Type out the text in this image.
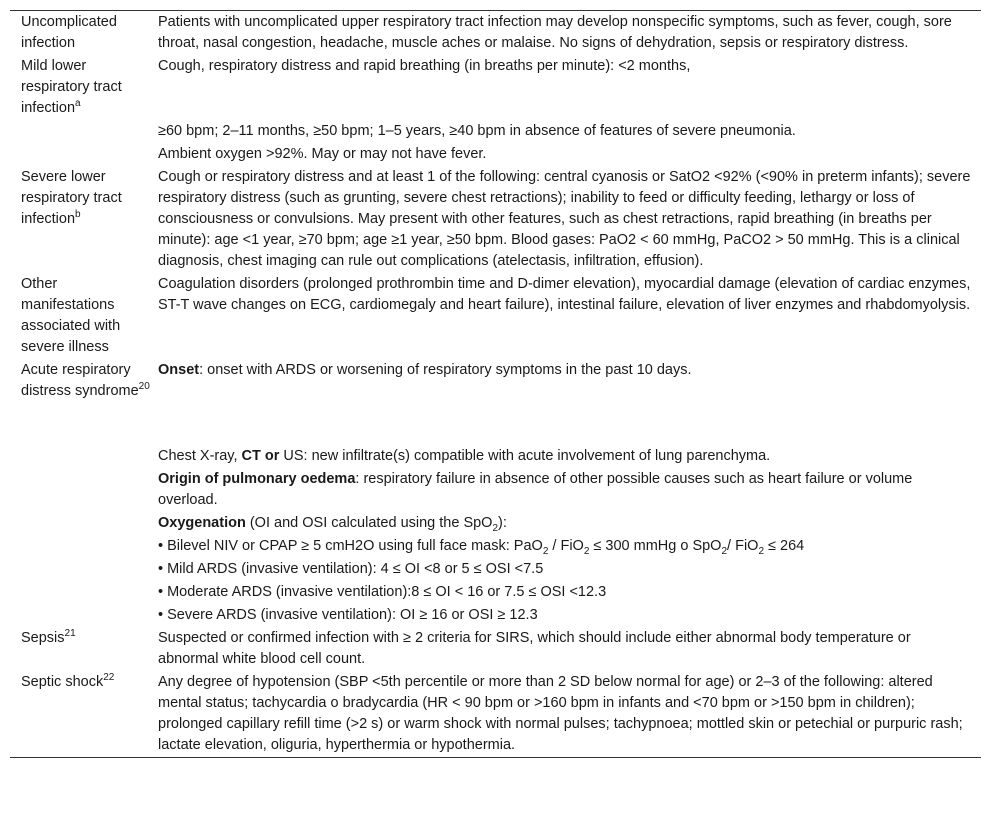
Uncomplicated infection	Patients with uncomplicated upper respiratory tract infection may develop nonspecific symptoms, such as fever, cough, sore throat, nasal congestion, headache, muscle aches or malaise. No signs of dehydration, sepsis or respiratory distress.
Mild lower respiratory tract infection$^a$	Cough, respiratory distress and rapid breathing (in breaths per minute): <2 months,
	≥60 bpm; 2–11 months, ≥50 bpm; 1–5 years, ≥40 bpm in absence of features of severe pneumonia.
	Ambient oxygen >92%. May or may not have fever.
Severe lower respiratory tract infection$^b$	Cough or respiratory distress and at least 1 of the following: central cyanosis or SatO2 <92% (<90% in preterm infants); severe respiratory distress (such as grunting, severe chest retractions); inability to feed or difficulty feeding, lethargy or loss of consciousness or convulsions. May present with other features, such as chest retractions, rapid breathing (in breaths per minute): age <1 year, ≥70 bpm; age ≥1 year, ≥50 bpm. Blood gases: PaO2 < 60 mmHg, PaCO2 > 50 mmHg. This is a clinical diagnosis, chest imaging can rule out complications (atelectasis, infiltration, effusion).
Other manifestations associated with severe illness	Coagulation disorders (prolonged prothrombin time and D-dimer elevation), myocardial damage (elevation of cardiac enzymes, ST-T wave changes on ECG, cardiomegaly and heart failure), intestinal failure, elevation of liver enzymes and rhabdomyolysis.
Acute respiratory distress syndrome$^{20}$	Onset: onset with ARDS or worsening of respiratory symptoms in the past 10 days.
	Chest X-ray, CT or US: new infiltrate(s) compatible with acute involvement of lung parenchyma.
	Origin of pulmonary oedema: respiratory failure in absence of other possible causes such as heart failure or volume overload.
	Oxygenation (OI and OSI calculated using the SpO$_2$):
	• Bilevel NIV or CPAP ≥ 5 cmH2O using full face mask: PaO$_2$ / FiO$_2$ ≤ 300 mmHg o SpO$_2$/ FiO$_2$ ≤ 264
	• Mild ARDS (invasive ventilation): 4 ≤ OI <8 or 5 ≤ OSI <7.5
	• Moderate ARDS (invasive ventilation):8 ≤ OI < 16 or 7.5 ≤ OSI <12.3
	• Severe ARDS (invasive ventilation): OI ≥ 16 or OSI ≥ 12.3
Sepsis$^{21}$	Suspected or confirmed infection with ≥ 2 criteria for SIRS, which should include either abnormal body temperature or abnormal white blood cell count.
Septic shock$^{22}$	Any degree of hypotension (SBP <5th percentile or more than 2 SD below normal for age) or 2–3 of the following: altered mental status; tachycardia o bradycardia (HR < 90 bpm or >160 bpm in infants and <70 bpm or >150 bpm in children); prolonged capillary refill time (>2 s) or warm shock with normal pulses; tachypnoea; mottled skin or petechial or purpuric rash; lactate elevation, oliguria, hyperthermia or hypothermia.
